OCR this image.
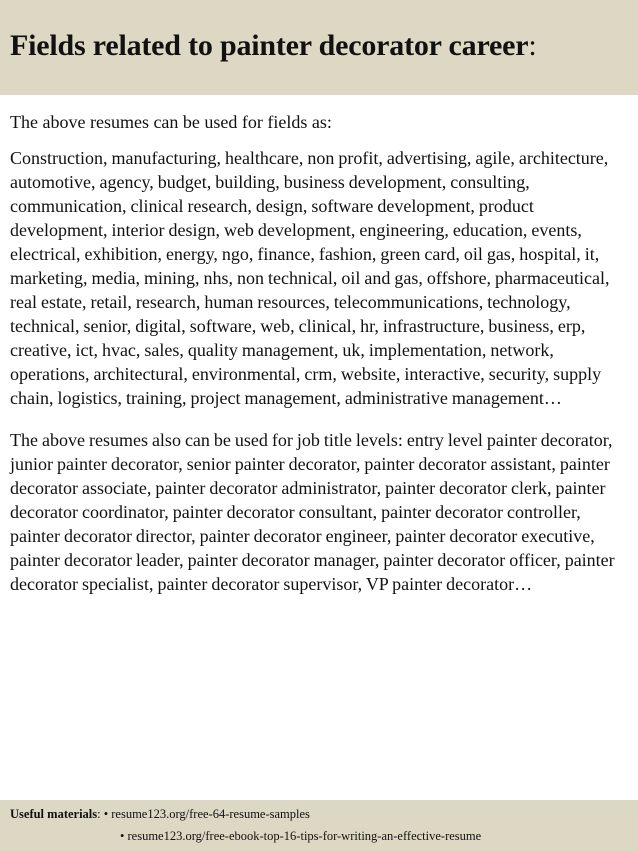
Fields related to painter decorator career:

The above resumes can be used for fields as:

Construction, manufacturing, healthcare, non profit, advertising, agile, architecture, automotive, agency, budget, building, business development, consulting, communication, clinical research, design, software development, product development, interior design, web development, engineering, education, events, electrical, exhibition, energy, ngo, finance, fashion, green card, oil gas, hospital, it, marketing, media, mining, nhs, non technical, oil and gas, offshore, pharmaceutical, real estate, retail, research, human resources, telecommunications, technology, technical, senior, digital, software, web, clinical, hr, infrastructure, business, erp, creative, ict, hvac, sales, quality management, uk, implementation, network, operations, architectural, environmental, crm, website, interactive, security, supply chain, logistics, training, project management, administrative management…

The above resumes also can be used for job title levels: entry level painter decorator, junior painter decorator, senior painter decorator, painter decorator assistant, painter decorator associate, painter decorator administrator, painter decorator clerk, painter decorator coordinator, painter decorator consultant, painter decorator controller, painter decorator director, painter decorator engineer, painter decorator executive, painter decorator leader, painter decorator manager, painter decorator officer, painter decorator specialist, painter decorator supervisor, VP painter decorator…

Useful materials: • resume123.org/free-64-resume-samples
• resume123.org/free-ebook-top-16-tips-for-writing-an-effective-resume
